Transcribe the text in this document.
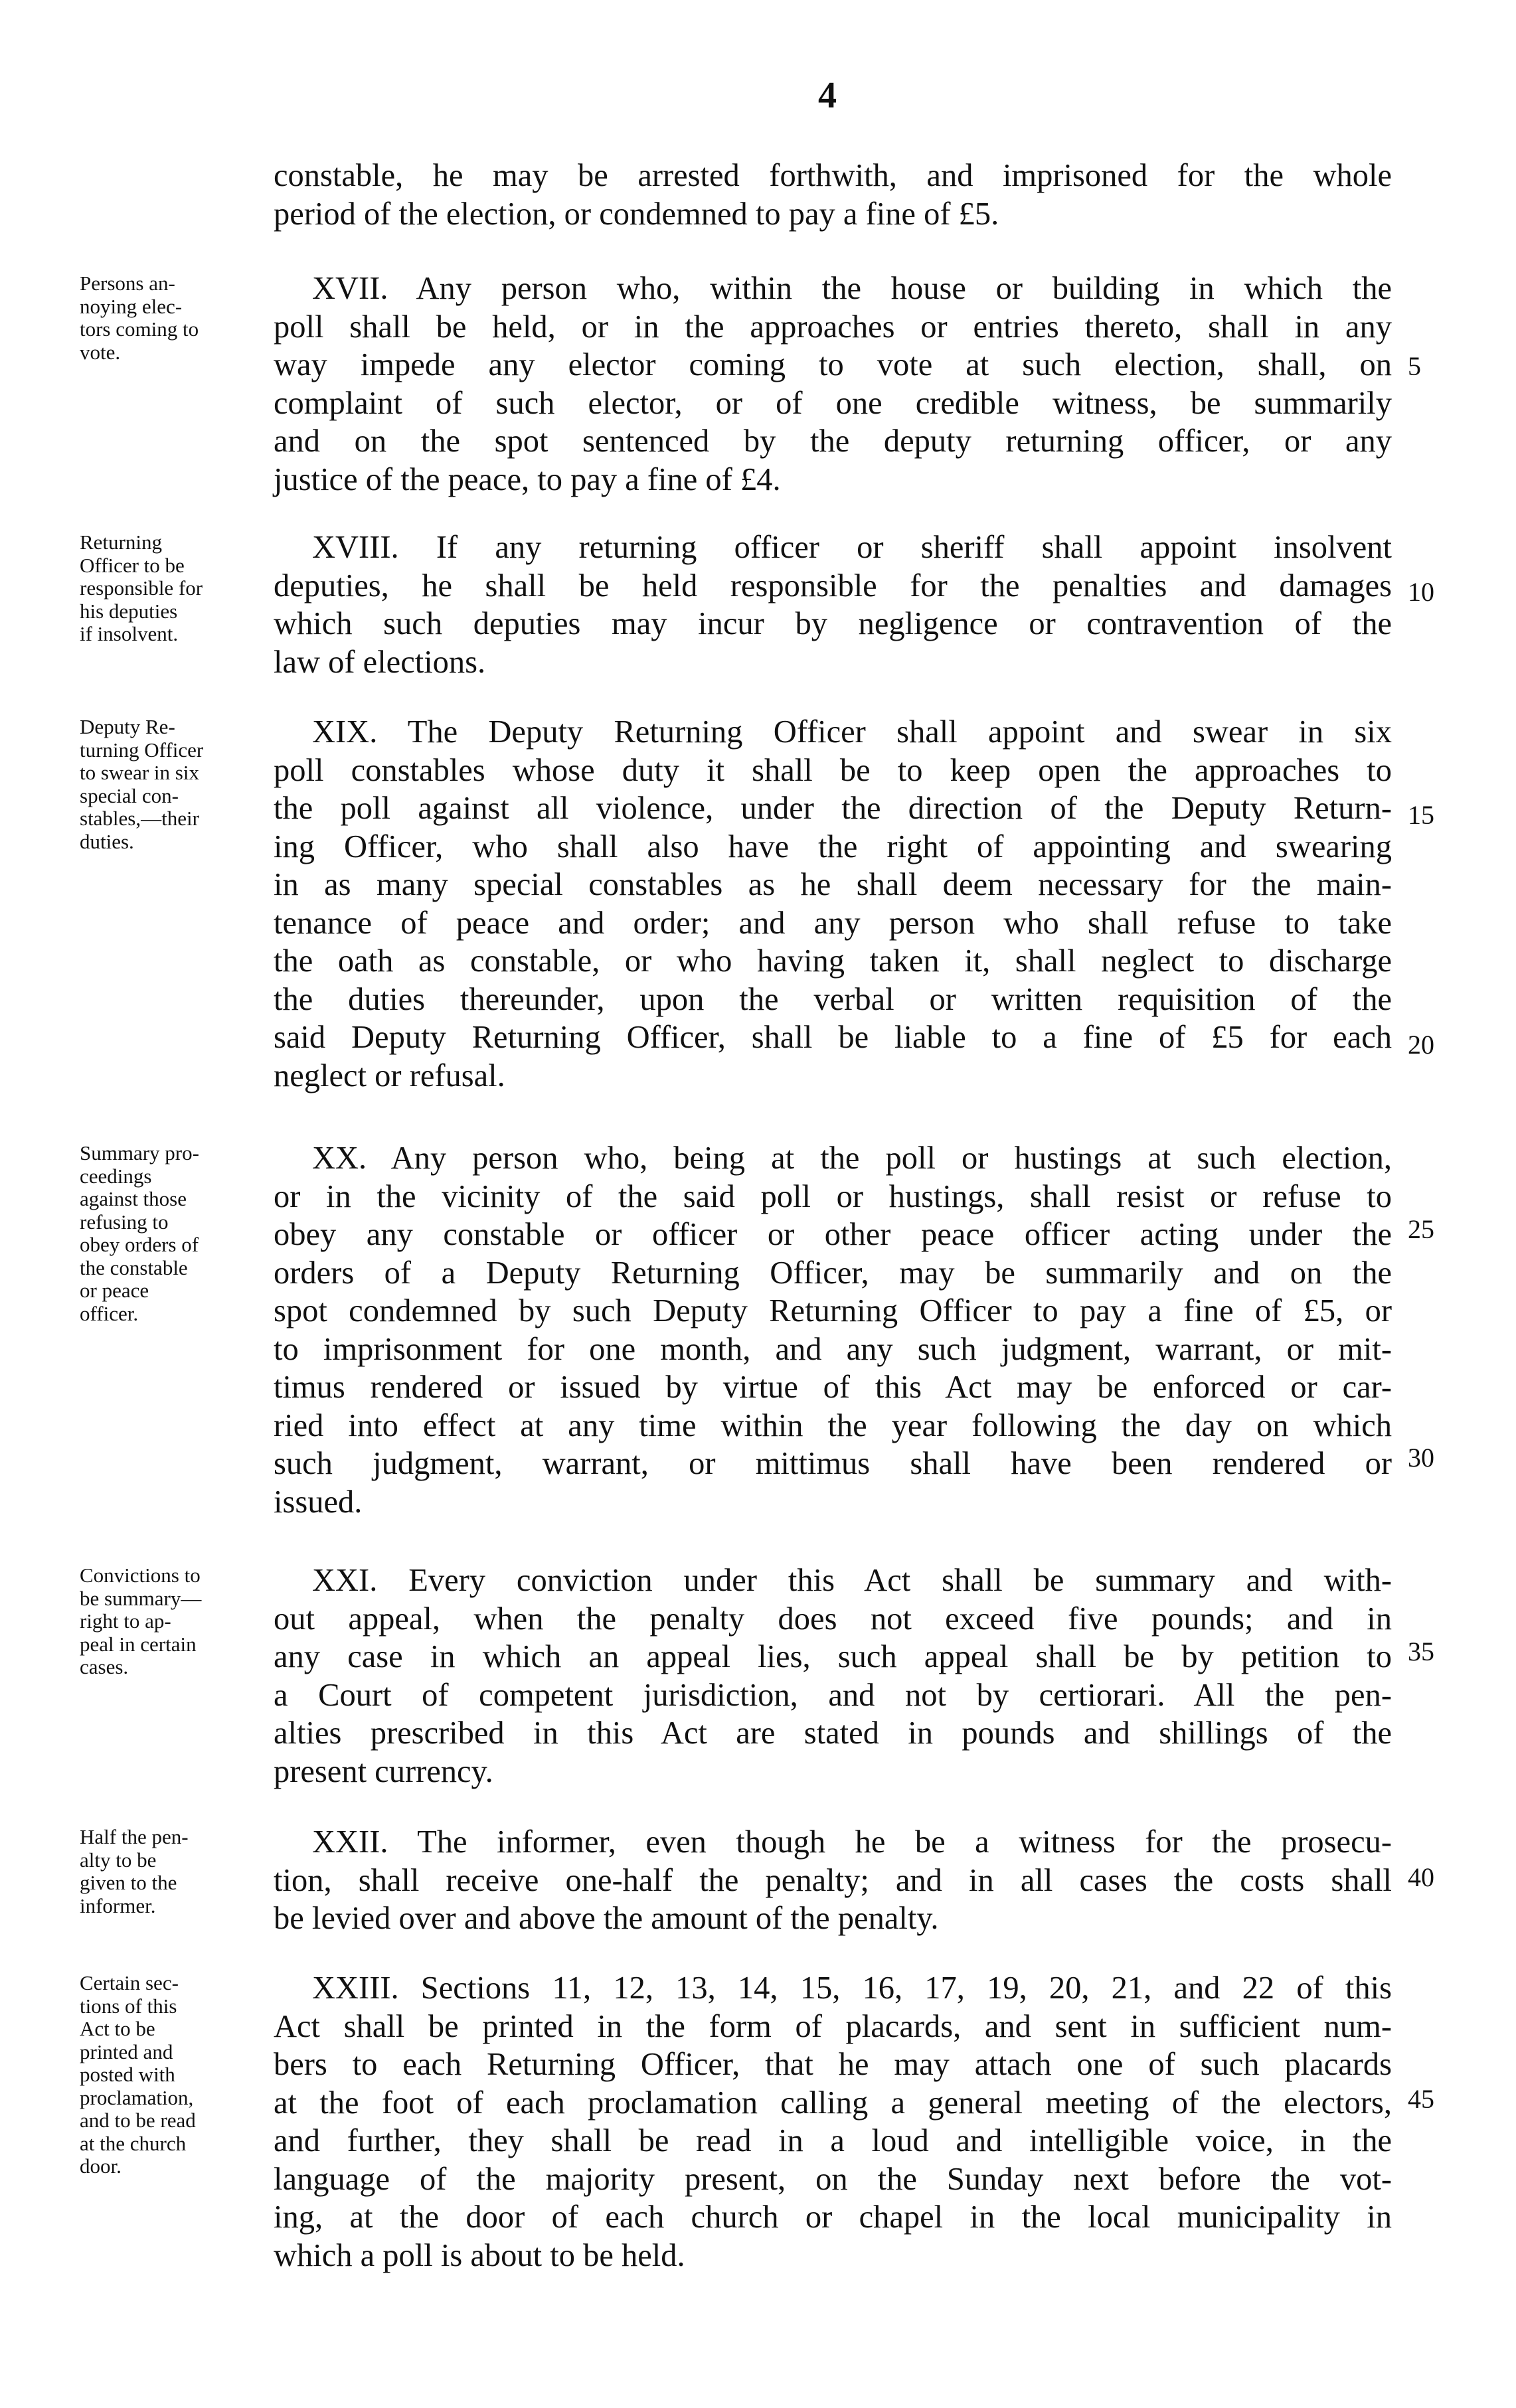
4
constable, he may be arrested forthwith, and imprisoned for the whole
period of the election, or condemned to pay a fine of £5.
Persons an-
noying elec-
tors coming to
vote.
XVII. Any person who, within the house or building in which the
poll shall be held, or in the approaches or entries thereto, shall in any
way impede any elector coming to vote at such election, shall, on
complaint of such elector, or of one credible witness, be summarily
and on the spot sentenced by the deputy returning officer, or any
justice of the peace, to pay a fine of £4.
Returning
Officer to be
responsible for
his deputies
if insolvent.
XVIII. If any returning officer or sheriff shall appoint insolvent
deputies, he shall be held responsible for the penalties and damages
which such deputies may incur by negligence or contravention of the
law of elections.
Deputy Re-
turning Officer
to swear in six
special con-
stables,—their
duties.
XIX. The Deputy Returning Officer shall appoint and swear in six
poll constables whose duty it shall be to keep open the approaches to
the poll against all violence, under the direction of the Deputy Return-
ing Officer, who shall also have the right of appointing and swearing
in as many special constables as he shall deem necessary for the main-
tenance of peace and order; and any person who shall refuse to take
the oath as constable, or who having taken it, shall neglect to discharge
the duties thereunder, upon the verbal or written requisition of the
said Deputy Returning Officer, shall be liable to a fine of £5 for each
neglect or refusal.
Summary pro-
ceedings
against those
refusing to
obey orders of
the constable
or peace
officer.
XX. Any person who, being at the poll or hustings at such election,
or in the vicinity of the said poll or hustings, shall resist or refuse to
obey any constable or officer or other peace officer acting under the
orders of a Deputy Returning Officer, may be summarily and on the
spot condemned by such Deputy Returning Officer to pay a fine of £5, or
to imprisonment for one month, and any such judgment, warrant, or mit-
timus rendered or issued by virtue of this Act may be enforced or car-
ried into effect at any time within the year following the day on which
such judgment, warrant, or mittimus shall have been rendered or
issued.
Convictions to
be summary—
right to ap-
peal in certain
cases.
XXI. Every conviction under this Act shall be summary and with-
out appeal, when the penalty does not exceed five pounds; and in
any case in which an appeal lies, such appeal shall be by petition to
a Court of competent jurisdiction, and not by certiorari. All the pen-
alties prescribed in this Act are stated in pounds and shillings of the
present currency.
Half the pen-
alty to be
given to the
informer.
XXII. The informer, even though he be a witness for the prosecu-
tion, shall receive one-half the penalty; and in all cases the costs shall
be levied over and above the amount of the penalty.
Certain sec-
tions of this
Act to be
printed and
posted with
proclamation,
and to be read
at the church
door.
XXIII. Sections 11, 12, 13, 14, 15, 16, 17, 19, 20, 21, and 22 of this
Act shall be printed in the form of placards, and sent in sufficient num-
bers to each Returning Officer, that he may attach one of such placards
at the foot of each proclamation calling a general meeting of the electors,
and further, they shall be read in a loud and intelligible voice, in the
language of the majority present, on the Sunday next before the vot-
ing, at the door of each church or chapel in the local municipality in
which a poll is about to be held.
5
10
15
20
25
30
35
40
45
